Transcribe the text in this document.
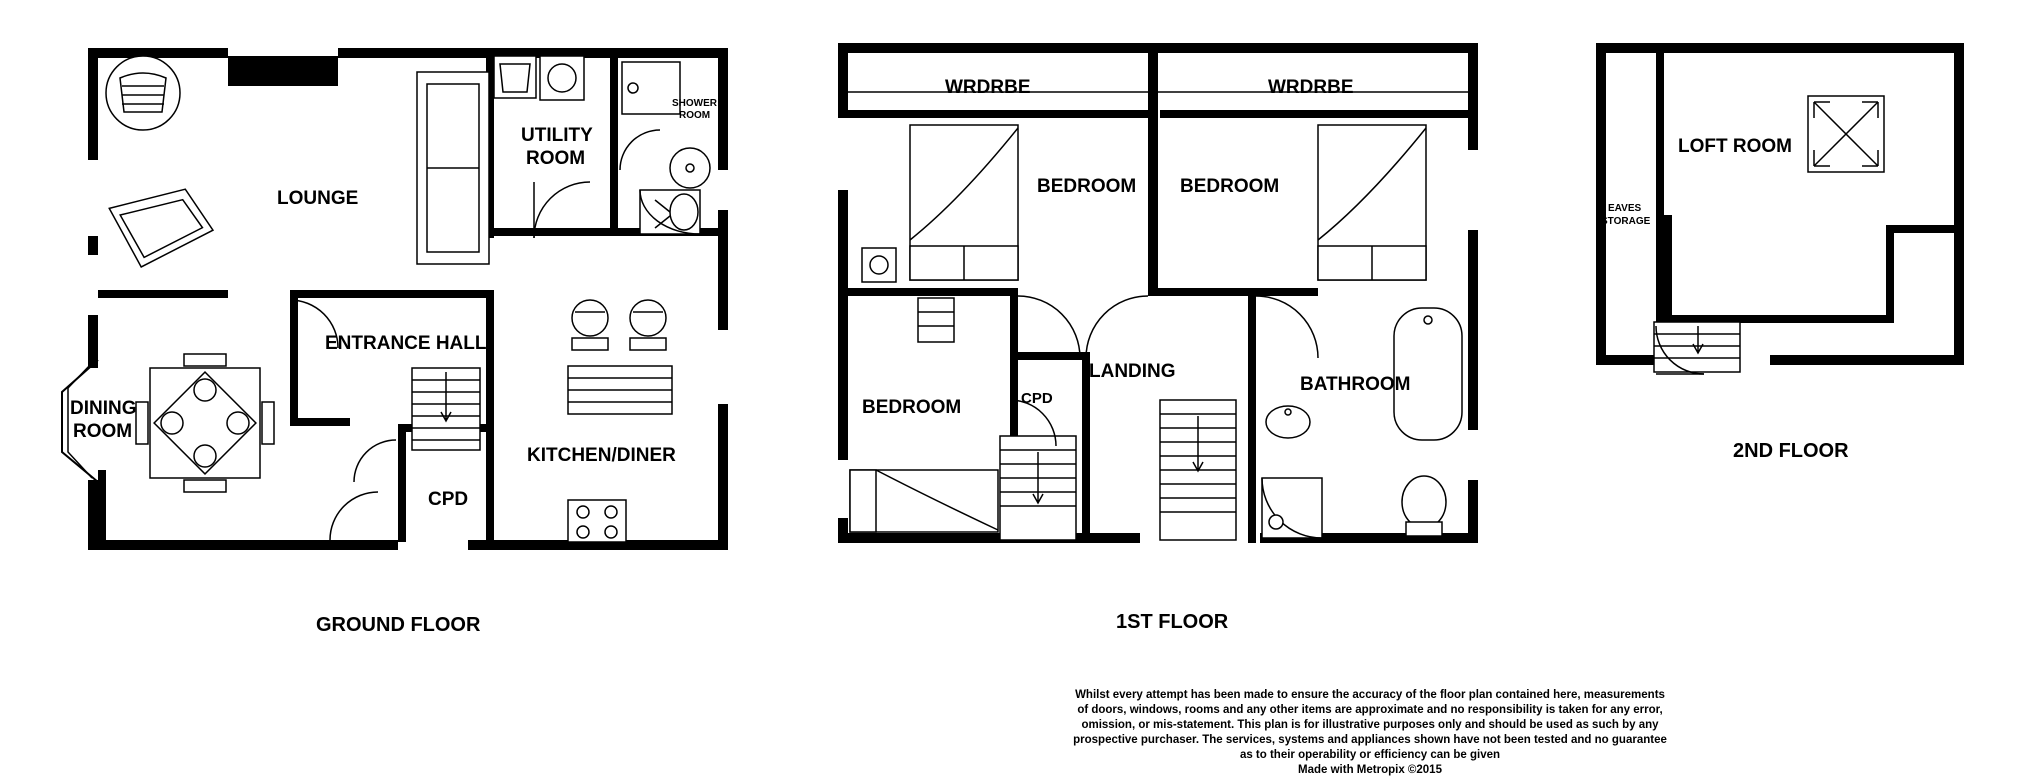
LOUNGE
UTILITY
ROOM
SHOWER
ROOM
ENTRANCE HALL
DINING
ROOM
KITCHEN/DINER
CPD
GROUND FLOOR
WRDRBE	WRDRBE
BEDROOM BEDROOM
BEDROOM	CPD
LANDING
BATHROOM
1ST FLOOR
LOFT ROOM
EAVES
STORAGE
2ND FLOOR

Whilst every attempt has been made to ensure the accuracy of the floor plan contained here, measurements

of doors, windows, rooms and any other items are approximate and no responsibility is taken for any error,

omission, or mis-statement. This plan is for illustrative purposes only and should be used as such by any

prospective purchaser. The services, systems and appliances shown have not been tested and no guarantee

as to their operability or efficiency can be given

Made with Metropix ©2015
